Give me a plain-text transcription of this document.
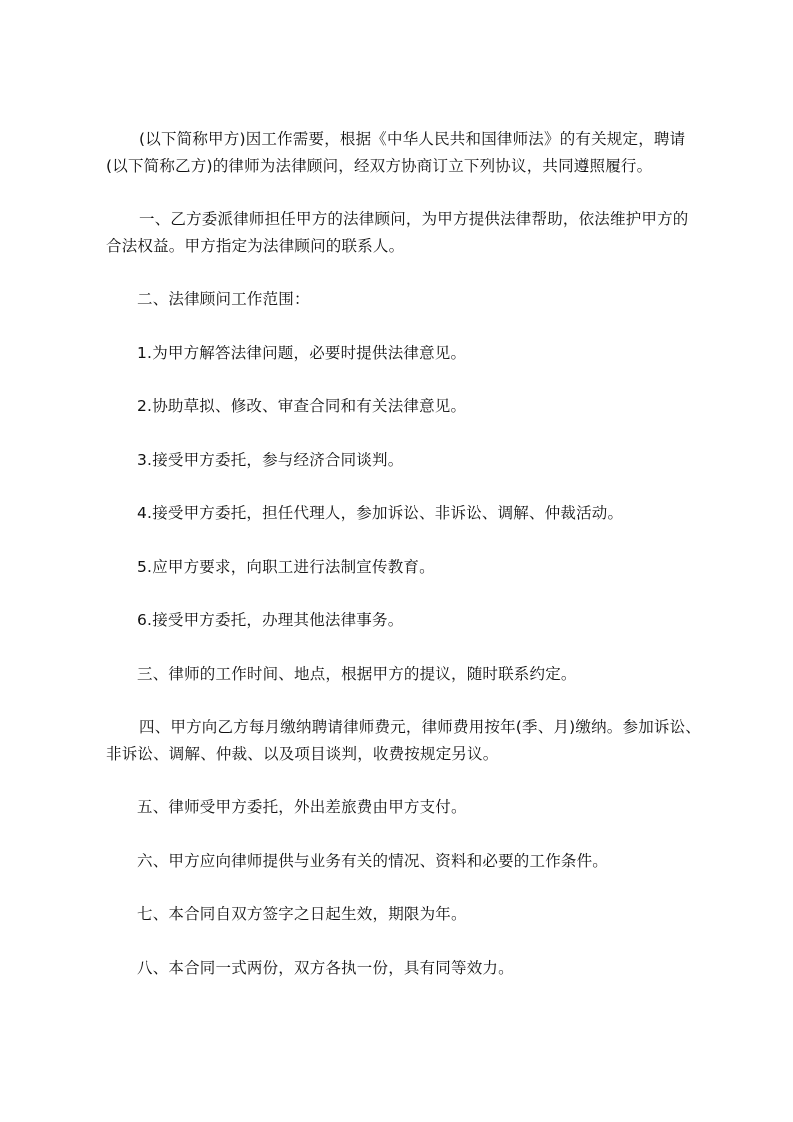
(以下简称甲方)因工作需要，根据《中华人民共和国律师法》的有关规定，聘请

(以下简称乙方)的律师为法律顾问，经双方协商订立下列协议，共同遵照履行。

一、乙方委派律师担任甲方的法律顾问，为甲方提供法律帮助，依法维护甲方的

合法权益。甲方指定为法律顾问的联系人。

二、法律顾问工作范围：

1.为甲方解答法律问题，必要时提供法律意见。

2.协助草拟、修改、审查合同和有关法律意见。

3.接受甲方委托，参与经济合同谈判。

4.接受甲方委托，担任代理人，参加诉讼、非诉讼、调解、仲裁活动。

5.应甲方要求，向职工进行法制宣传教育。

6.接受甲方委托，办理其他法律事务。

三、律师的工作时间、地点，根据甲方的提议，随时联系约定。

四、甲方向乙方每月缴纳聘请律师费元，律师费用按年(季、月)缴纳。参加诉讼、

非诉讼、调解、仲裁、以及项目谈判，收费按规定另议。

五、律师受甲方委托，外出差旅费由甲方支付。

六、甲方应向律师提供与业务有关的情况、资料和必要的工作条件。

七、本合同自双方签字之日起生效，期限为年。

八、本合同一式两份，双方各执一份，具有同等效力。
